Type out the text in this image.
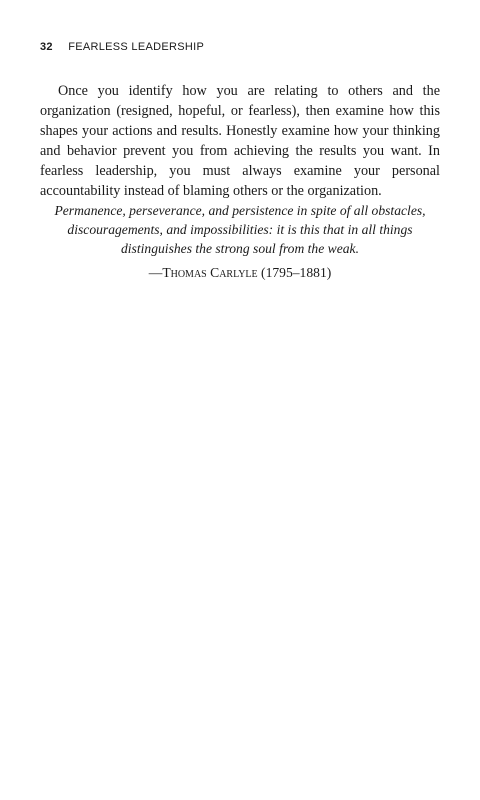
32 FEARLESS LEADERSHIP

Once you identify how you are relating to others and the organization (resigned, hopeful, or fearless), then examine how this shapes your actions and results. Honestly examine how your thinking and behavior prevent you from achieving the results you want. In fearless leadership, you must always examine your personal accountability instead of blaming others or the organization.

Permanence, perseverance, and persistence in spite of all obstacles, discouragements, and impossibilities: it is this that in all things distinguishes the strong soul from the weak.

—Thomas Carlyle (1795–1881)
